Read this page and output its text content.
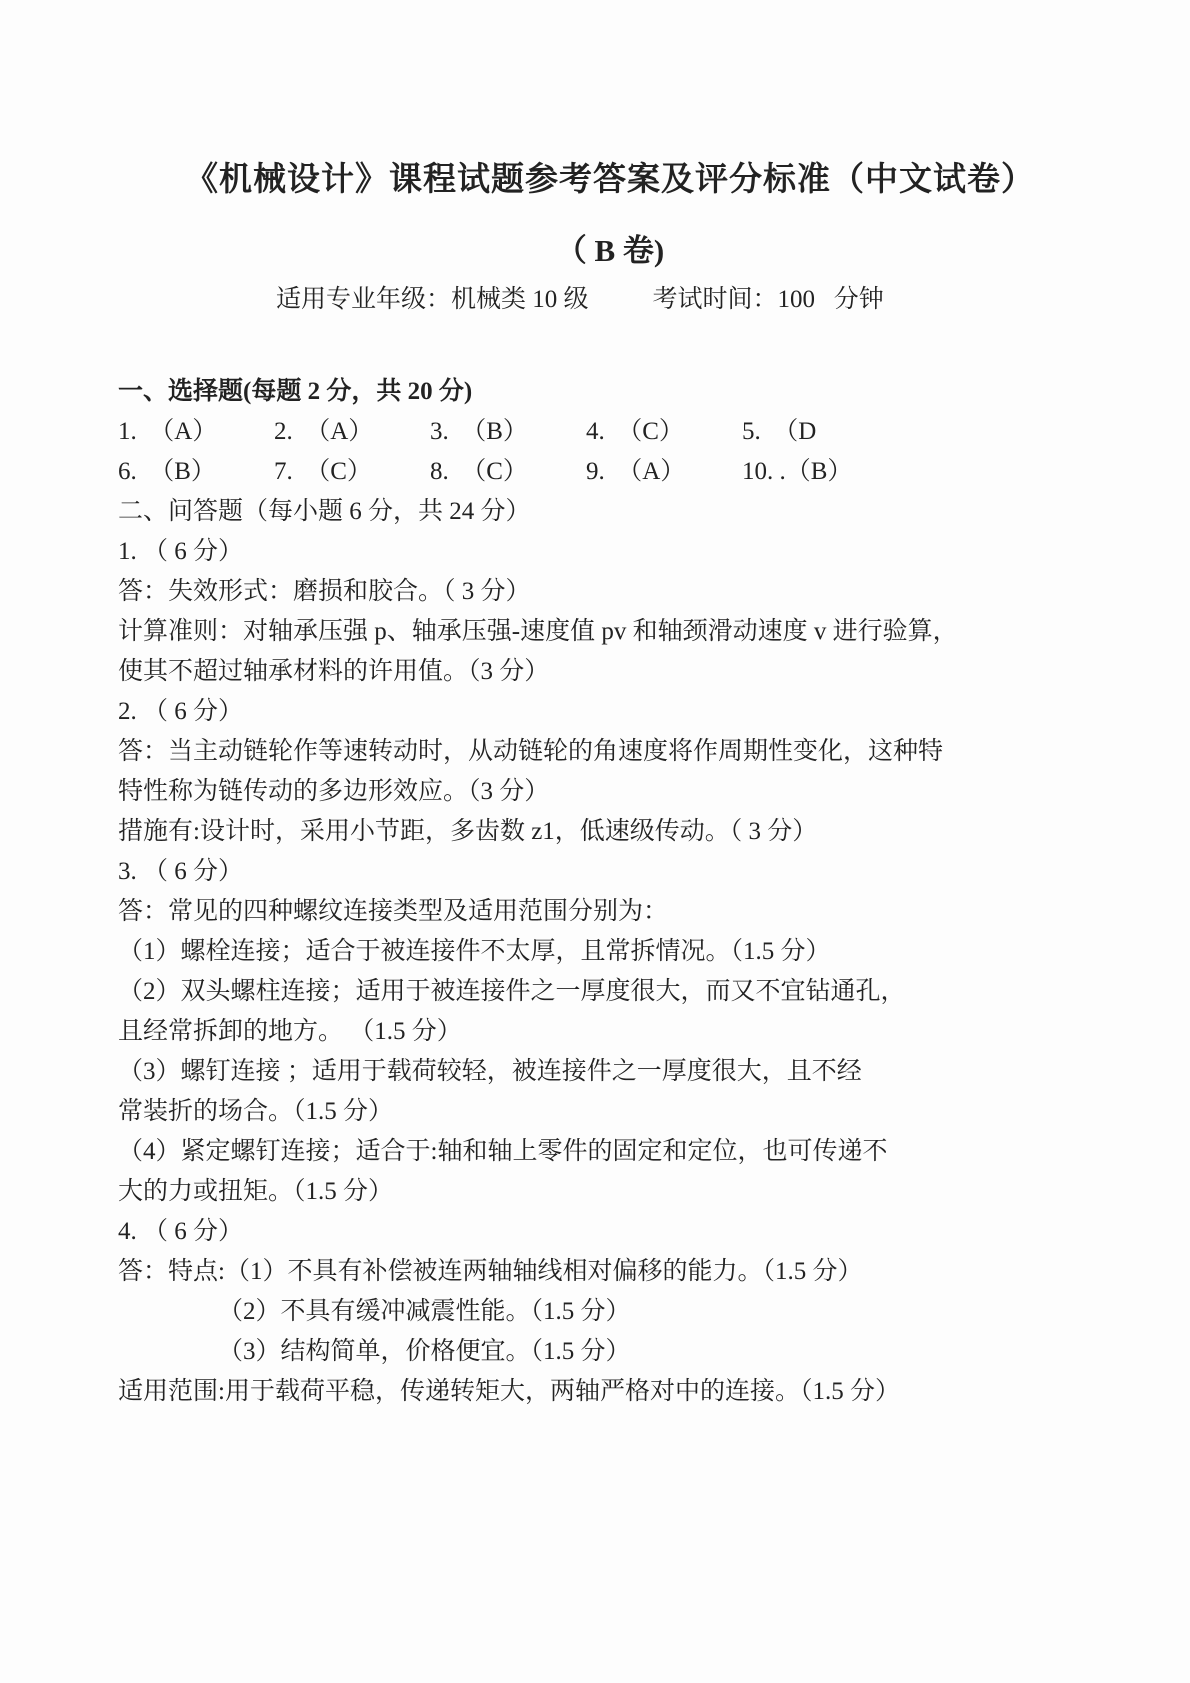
《机械设计》课程试题参考答案及评分标准（中文试卷）
（ B 卷)
适用专业年级：机械类 10 级	考试时间：100   分钟
一、选择题(每题 2 分，共 20 分)
1.  （A）	2.  （A）	3.  （B）	4.  （C）	5.  （D
6.  （B）	7.  （C）	8.  （C）	9.  （A）	10. .（B）
二、问答题（每小题 6 分，共 24 分）
1. （ 6 分）
答：失效形式：磨损和胶合。（ 3 分）
计算准则：对轴承压强 p、轴承压强-速度值 pv 和轴颈滑动速度 v 进行验算，
使其不超过轴承材料的许用值。（3 分）
2. （ 6 分）
答：当主动链轮作等速转动时，从动链轮的角速度将作周期性变化，这种特
特性称为链传动的多边形效应。（3 分）
措施有:设计时，采用小节距，多齿数 z1，低速级传动。（ 3 分）
3. （ 6 分）
答：常见的四种螺纹连接类型及适用范围分别为：
（1）螺栓连接；适合于被连接件不太厚，且常拆情况。（1.5 分）
（2）双头螺柱连接；适用于被连接件之一厚度很大，而又不宜钻通孔，
且经常拆卸的地方。 （1.5 分）
（3）螺钉连接 ；适用于载荷较轻，被连接件之一厚度很大，且不经
常装折的场合。（1.5 分）
（4）紧定螺钉连接；适合于:轴和轴上零件的固定和定位，也可传递不
大的力或扭矩。（1.5 分）
4. （ 6 分）
答：特点:（1）不具有补偿被连两轴轴线相对偏移的能力。（1.5 分）
（2）不具有缓冲减震性能。（1.5 分）
（3）结构简单，价格便宜。（1.5 分）
适用范围:用于载荷平稳，传递转矩大，两轴严格对中的连接。（1.5 分）
